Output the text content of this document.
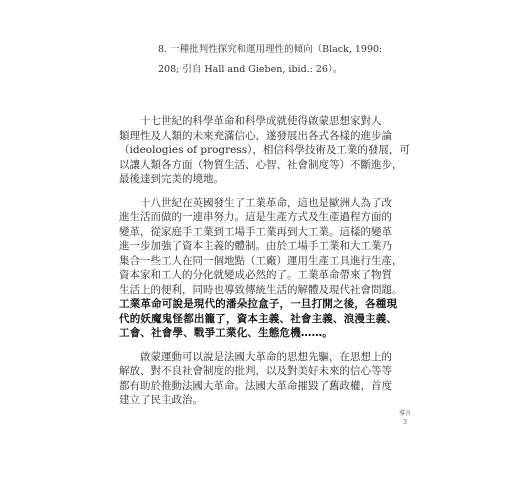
8. 一種批判性探究和運用理性的傾向（Black, 1990:

208; 引自 Hall and Gieben, ibid.: 26）。

十七世紀的科學革命和科學成就使得啟蒙思想家對人
類理性及人類的未來充滿信心，遂發展出各式各樣的進步論
（ideologies of progress），相信科學技術及工業的發展，可
以讓人類各方面（物質生活、心智、社會制度等）不斷進步，
最後達到完美的境地。
十八世紀在英國發生了工業革命，這也是歐洲人為了改
進生活而做的一連串努力。這是生產方式及生產過程方面的
變革，從家庭手工業到工場手工業再到大工業。這樣的變革
進一步加強了資本主義的體制。由於工場手工業和大工業乃
集合一些工人在同一個地點（工廠）運用生產工具進行生產，
資本家和工人的分化就變成必然的了。工業革命帶來了物質
生活上的便利，同時也導致傳統生活的解體及現代社會問題。
工業革命可說是現代的潘朵拉盒子，一旦打開之後，各種現
代的妖魔鬼怪都出籠了，資本主義、社會主義、浪漫主義、
工會、社會學、戰爭工業化、生態危機……。
啟蒙運動可以說是法國大革命的思想先驅，在思想上的
解放、對不良社會制度的批判，以及對美好未來的信心等等
都有助於推動法國大革命。法國大革命摧毀了舊政權，首度
建立了民主政治。
導言
3
